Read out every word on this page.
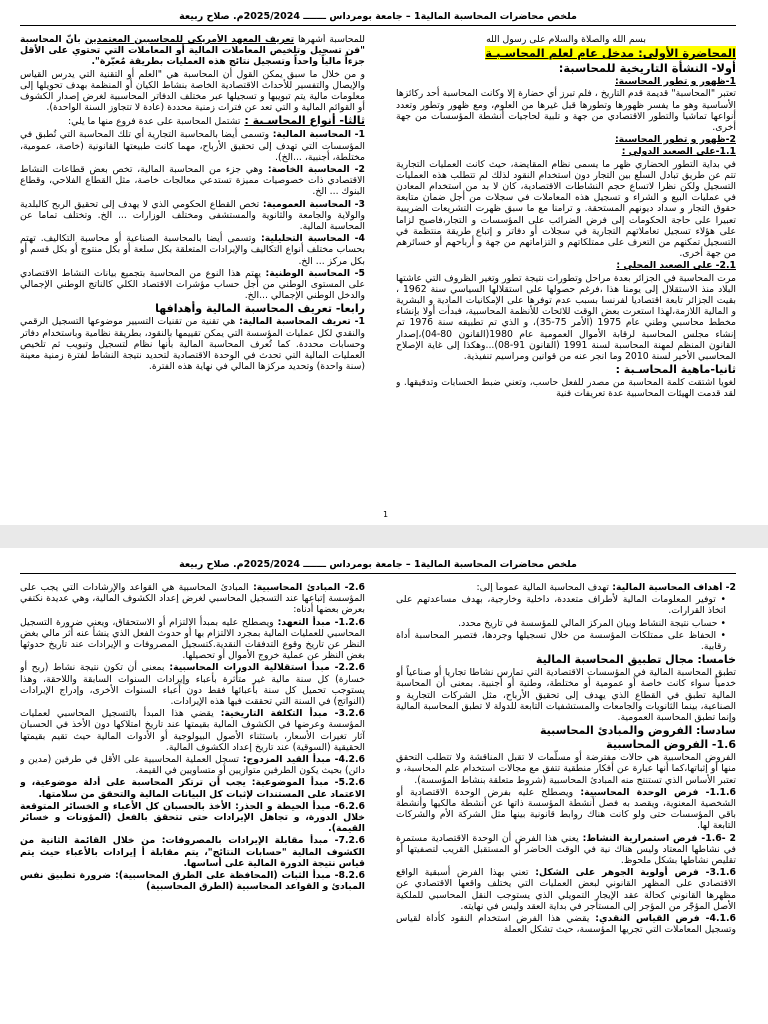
ملخص محاضرات المحاسبة المالية1 – جامعة بومرداس ـــــــ 2025/2024م. صلاح ربيعة

بسم الله والصلاة والسلام على رسول الله

المحاضرة الأولى: مدخل عام لعلم المحاسـبـة

أولا- النشأة التاريخية للمحاسبة:

1-ظهور و تطور المحاسبة:

تعتبر "المحاسبة" قديمة قدم التاريخ ، فلم تبرز أي حضارة إلا وكانت المحاسبة أحد ركائزها الأساسية وهو ما يفسر ظهورها وتطورها قبل غيرها من العلوم، ومع ظهور وتطور وتعدد أنواعها تماشيا والتطور الاقتصادي من جهة و تلبية لحاجيات أنشطة المؤسسات من جهة أخرى.

2-ظهور و تطور المحاسبة:

1.1-على الصعيد الدولي :

في بداية التطور الحضاري ظهر ما يسمى نظام المقايضة، حيث كانت العمليات التجارية تتم عن طريق تبادل السلع بين التجار دون استخدام النقود لذلك لم تتطلب هذه العمليات التسجيل ولكن نظرا لاتساع حجم النشاطات الاقتصادية، كان لا بد من استخدام المعادن في عمليات البيع و الشراء و تسجيل هذه المعاملات في سجلات من أجل ضمان متابعة حقوق التجار و سداد ديونهم المستحقة. و ترامنا مع ما سبق ظهرت التشريعات الضريبية تعبيرا على حاجة الحكومات إلى فرض الضرائب على المؤسسات و التجار،فاصبح لزاما على هؤلاء تسجيل تعاملاتهم التجارية في سجلات أو دفاتر و إتباع طريقة منتظمة في التسجيل تمكنهم من التعرف على ممتلكاتهم و التزاماتهم من جهة و أرباحهم أو خسائرهم من جهة أخرى.

2.1- على الصعيد المحلي :

مرت المحاسبة في الجزائر بعدة مراحل وتطورات نتيجة تطور وتغير الظروف التي عاشتها البلاد منذ الاستقلال إلى يومنا هذا ،فرغم حصولها على استقلالها السياسي سنة 1962 ، بقيت الجزائر تابعة اقتصاديا لفرنسا بسبب عدم توفرها على الإمكانيات المادية و البشرية و المالية اللازمة،لهذا استعرت بعض الوقت للائحات للأنظمة المحاسبية، فبدأت أولا بإنشاء مخطط محاسبي وطني عام 1975 (الأمر 75-35)، و الذي تم تطبيقه سنة 1976 تم إنشاء مجلس المحاسبة لرقابة الأموال العمومية عام 1980(القانون 80-04)،إصدار القانون المنظم لمهنة المحاسبة لسنة 1991 (القانون 91-08)...وهكذا إلى غاية الإصلاح المحاسبي الأخير لسنة 2010 وما انجر عنه من قوانين ومراسيم تنفيذية.

ثانيا-ماهية المحاسـبة :

لغويا اشتقت كلمة المحاسبة من مصدر للفعل حاسب، وتعني ضبط الحسابات وتدقيقها. و لقد قدمت الهيئات المحاسبية عدة تعريفات فنية

للمحاسبة أشهرها تعريف المعهد الأمريكي للمحاسبين المعتمدين بأنّ المحاسبة "فن تسجيل وتلخيص المعاملات المالية أو المعاملات التي تحتوي على الأقل جزءاً مالياً واحداً وتسجيل نتائج هذه العمليات بطريقة مُعبّرة".

و من خلال ما سبق يمكن القول أن المحاسبة هي "العلم أو التقنية التي يدرس القياس والإيصال والتفسير للأحداث الاقتصادية الخاصة بنشاط الكيان أو المنظمة بهدف تحويلها إلى معلومات مالية يتم تبويبها و تسجيلها عبر مختلف الدفاتر المحاسبية لغرض إصدار الكشوف أو القوائم المالية و التي تعد عن فترات زمنية محددة (عادة لا تتجاوز السنة الواحدة).

ثالثا- أنواع المحاسـبة : تشتمل المحاسبة على عدة فروع منها ما يلي:

1- المحاسبة المالية: وتسمى أيضا بالمحاسبة التجارية أي تلك المحاسبة التي تُطبق في المؤسسات التي تهدف إلى تحقيق الأرباح، مهما كانت طبيعتها القانونية (خاصة، عمومية، مختلطة، أجنبية، ...الخ).

2- المحاسبة الخاصة: وهي جزء من المحاسبة المالية، تخص بعض قطاعات النشاط الاقتصادي ذات خصوصيات مميزة تستدعي معالجات خاصة، مثل القطاع الفلاحي، وقطاع البنوك ... الخ.

3- المحاسبة العمومية: تخص القطاع الحكومي الذي لا يهدف إلى تحقيق الربح كالبلدية والولاية والجامعة والثانوية والمستشفى ومختلف الوزارات ... الخ. وتختلف تماما عن المحاسبة المالية.

4- المحاسبة التحليلية: وتسمى أيضا بالمحاسبة الصناعية أو محاسبة التكاليف. تهتم بحساب مختلف أنواع التكاليف والإيرادات المتعلقة بكل سلعة أو بكل منتوج أو بكل قسم أو بكل مركز ... الخ.

5- المحاسبة الوطنية: يهتم هذا النوع من المحاسبة بتجميع بيانات النشاط الاقتصادي على المستوى الوطني من أجل حساب مؤشرات الاقتصاد الكلي كالناتج الوطني الإجمالي والدخل الوطني الإجمالي ...الخ.

رابعا- تعريف المحاسبة المالية وأهدافها

1- تعريف المحاسبة المالية: هي تقنية من تقنيات التسيير موضوعها التسجيل الرقمي والنقدي لكل عمليات المؤسسة التي يمكن تقييمها بالنقود، بطريقة نظامية وباستخدام دفاتر وحسابات محددة. كما تُعرف المحاسبة المالية بأنها نظام لتسجيل وتبويب ثم تلخيص العمليات المالية التي تحدث في الوحدة الاقتصادية لتحديد نتيجة النشاط لفترة زمنية معينة (سنة واحدة) وتحديد مركزها المالي في نهاية هذه الفترة.

1
ملخص محاضرات المحاسبة المالية1 – جامعة بومرداس ـــــــ 2025/2024م. صلاح ربيعة

2- أهداف المحاسبة المالية: تهدف المحاسبة المالية عموماً إلى:

• توفير المعلومات المالية لأطراف متعددة، داخلية وخارجية، بهدف مساعدتهم على اتخاذ القرارات.
• حساب نتيجة النشاط وبيان المركز المالي للمؤسسة في تاريخ محدد.
• الحفاظ على ممتلكات المؤسسة من خلال تسجيلها وجردها، فتصير المحاسبة أداة رقابية.

خامسا: مجال تطبيق المحاسبة المالية

تطبق المحاسبة المالية في المؤسسات الاقتصادية التي تمارس نشاطا تجاريا أو صناعياً أو خدمياً سواء كانت خاصة أو عمومية أو مختلطة، وطنية أو أجنبية. بمعنى أن المحاسبة المالية تطبق في القطاع الذي يهدف إلى تحقيق الأرباح، مثل الشركات التجارية و الصناعية، بينما الثانويات والجامعات والمستشفيات التابعة للدولة لا تطبق المحاسبة المالية وإنما تطبق المحاسبة العمومية.

سادسا: الفروض والمبادئ المحاسبية

1.6- الفروض المحاسبية

الفروض المحاسبية هي حالات مفترضة أو مسلّمات لا تقبل المناقشة ولا تتطلب التحقق منها أو إثباتها،كما أنها عبارة عن أفكار منطقية تتفق مع مجالات استخدام علم المحاسبة، و تعتبر الأساس الذي تستنتج منه المبادئ المحاسبية (شروط متعلقة بنشاط المؤسسة).

1.1.6- فرض الوحدة المحاسبية: ويصطلح عليه بفرض الوحدة الاقتصادية أو الشخصية المعنوية، ويقصد به فصل أنشطة المؤسسة ذاتها عن أنشطة مالكيها وأنشطة باقي المؤسسات حتى ولو كانت هناك روابط قانونية بينها مثل الشركة الأم والشركات التابعة لها.

2 -1.6- فرض استمرارية النشاط: يعني هذا الفرض أن الوحدة الاقتصادية مستمرة في نشاطها المعتاد وليس هناك نية في الوقت الحاضر أو المستقبل القريب لتصفيتها أو تقليص نشاطها بشكل ملحوظ.

3.1.6- فرض أولوية الجوهر على الشكل: تعني بهذا الفرض أسبقية الواقع الاقتصادي على المظهر القانوني لبعض العمليات التي يختلف واقعها الاقتصادي عن مظهرها القانوني كحالة عقد الإيجار التمويلي الذي يستوجب النقل المحاسبي للملكية الأصل المؤجّر من المؤجر إلى المستأجر في بداية العقد وليس في نهايته.

4.1.6- فرض القياس النقدي: يقضي هذا الفرض استخدام النقود كأداة لقياس وتسجيل المعاملات التي تجريها المؤسسة، حيث تشكل العملة

2.6- المبادئ المحاسبية: المبادئ المحاسبية هي القواعد والإرشادات التي يجب على المؤسسة إتباعها عند التسجيل المحاسبي لغرض إعداد الكشوف المالية، وهي عديدة نكتفي بعرض بعضها أدناه:

1.2.6- مبدأ التعهد: ويصطلح عليه بمبدأ الالتزام أو الاستحقاق، ويعني ضرورة التسجيل المحاسبي للعمليات المالية بمجرد الالتزام بها أو حدوث الفعل الذي ينشأ عنه أثر مالي بغض النظر عن تاريخ وقوع التدفقات النقدية.كتسجيل المصروفات و الإيرادات عند تاريخ حدوثها بغض النظر عن عملية خروج الأموال أو تحصيلها.

2.2.6- مبدأ استقلالية الدورات المحاسبية: بمعنى أن تكون نتيجة نشاط (ربح أو خسارة) كل سنة مالية غير متأثرة بأعباء وإيرادات السنوات السابقة واللاحقة، وهذا يستوجب تحميل كل سنة بأعبائها فقط دون أعباء السنوات الأخرى، وإدراج الإيرادات (النواتج) في السنة التي تحققت فيها هذه الإيرادات.

3.2.6- مبدأ التكلفة التاريخية: يقضي هذا المبدأ بالتسجيل المحاسبي لعمليات المؤسسة وعرضها في الكشوف المالية بقيمتها عند تاريخ امتلاكها دون الأخذ في الحسبان آثار تغيرات الأسعار، باستثناء الأصول البيولوجية أو الأدوات المالية حيث تقيم بقيمتها الحقيقية (السوقية) عند تاريخ إعداد الكشوف المالية.

4.2.6- مبدأ القيد المزدوج: تسجل العملية المحاسبية على الأقل في طرفين (مدين و دائن) بحيث يكون الطرفين متوازيين أو متساويين في القيمة.

5.2.6- مبدأ الموضوعية: يجب أن ترتكز المحاسبة على أدلة موضوعية، و الاعتماد على المستندات لإثبات كل البيانات المالية والتحقق من سلامتها.

6.2.6- مبدأ الحيطة و الحذر: الأخذ بالحسبان كل الأعباء و الخسائر المتوقعة خلال الدورة، و تجاهل الإيرادات حتى تتحقق بالفعل (المؤونات و خسائر القيمة).

7.2.6- مبدأ مقابلة الإيرادات بالمصروفات: من خلال القائمة الثانية من الكشوف المالية "حسابات النتائج"، يتم مقابلة أ إيرادات بالأعباء حيث يتم قياس نتيجة الدورة المالية على أساسها.

8.2.6- مبدأ الثبات (المحافظة على الطرق المحاسبية): ضرورة تطبيق نفس المبادئ و القواعد المحاسبية (الطرق المحاسبية)
